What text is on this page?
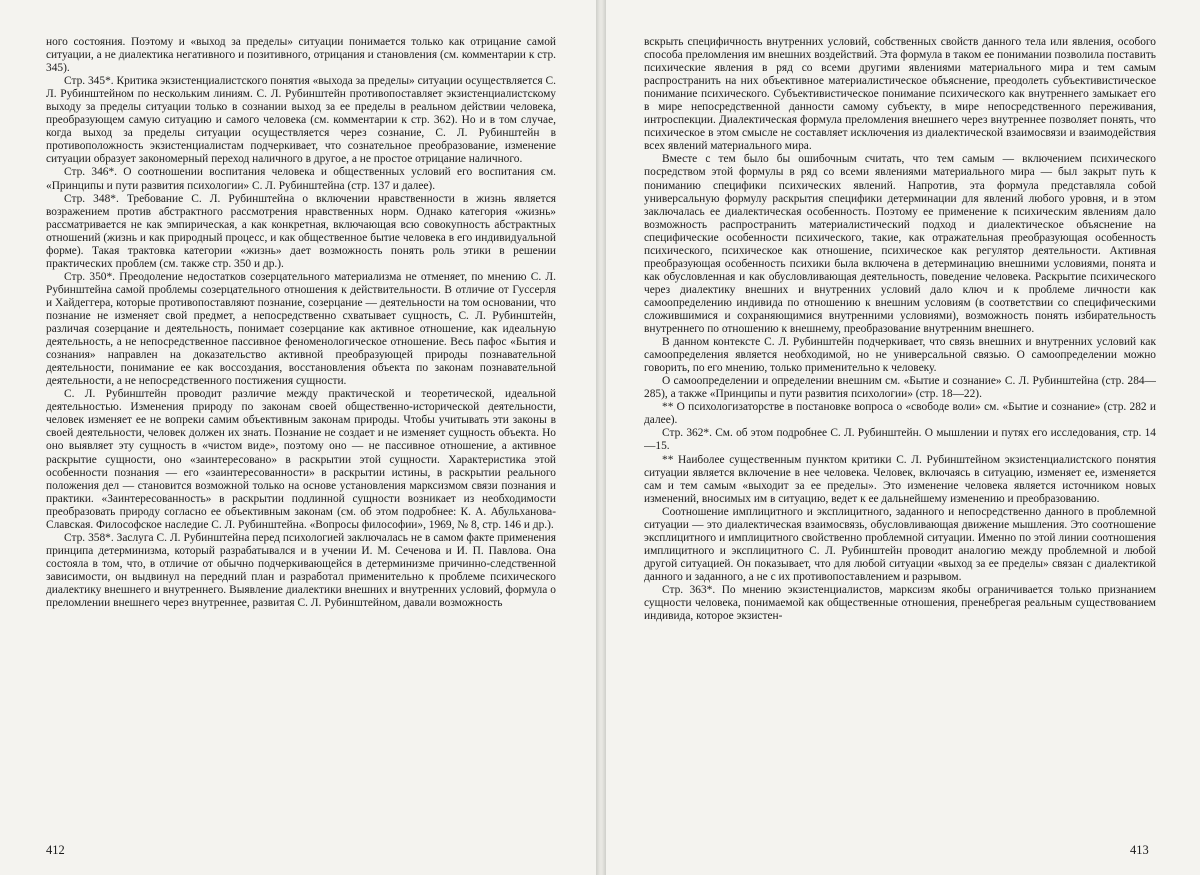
ного состояния. Поэтому и «выход за пределы» ситуации понимается только как отрицание самой ситуации, а не диалектика негативного и позитивного, отрицания и становления (см. комментарии к стр. 345).

Стр. 345*. Критика экзистенциалистского понятия «выхода за пределы» ситуации осуществляется С. Л. Рубинштейном по нескольким линиям. С. Л. Рубинштейн противопоставляет экзистенциалистскому выходу за пределы ситуации только в сознании выход за ее пределы в реальном действии человека, преобразующем самую ситуацию и самого человека (см. комментарии к стр. 362). Но и в том случае, когда выход за пределы ситуации осуществляется через сознание, С. Л. Рубинштейн в противоположность экзистенциалистам подчеркивает, что сознательное преобразование, изменение ситуации образует закономерный переход наличного в другое, а не простое отрицание наличного.

Стр. 346*. О соотношении воспитания человека и общественных условий его воспитания см. «Принципы и пути развития психологии» С. Л. Рубинштейна (стр. 137 и далее).

Стр. 348*. Требование С. Л. Рубинштейна о включении нравственности в жизнь является возражением против абстрактного рассмотрения нравственных норм. Однако категория «жизнь» рассматривается не как эмпирическая, а как конкретная, включающая всю совокупность абстрактных отношений (жизнь и как природный процесс, и как общественное бытие человека в его индивидуальной форме). Такая трактовка категории «жизнь» дает возможность понять роль этики в решении практических проблем (см. также стр. 350 и др.).

Стр. 350*. Преодоление недостатков созерцательного материализма не отменяет, по мнению С. Л. Рубинштейна самой проблемы созерцательного отношения к действительности. В отличие от Гуссерля и Хайдеггера, которые противопоставляют познание, созерцание — деятельности на том основании, что познание не изменяет свой предмет, а непосредственно схватывает сущность, С. Л. Рубинштейн, различая созерцание и деятельность, понимает созерцание как активное отношение, как идеальную деятельность, а не непосредственное пассивное феноменологическое отношение. Весь пафос «Бытия и сознания» направлен на доказательство активной преобразующей природы познавательной деятельности, понимание ее как воссоздания, восстановления объекта по законам познавательной деятельности, а не непосредственного постижения сущности.

С. Л. Рубинштейн проводит различие между практической и теоретической, идеальной деятельностью. Изменения природу по законам своей общественно-исторической деятельности, человек изменяет ее не вопреки самим объективным законам природы. Чтобы учитывать эти законы в своей деятельности, человек должен их знать. Познание не создает и не изменяет сущность объекта. Но оно выявляет эту сущность в «чистом виде», поэтому оно — не пассивное отношение, а активное раскрытие сущности, оно «заинтересовано» в раскрытии этой сущности. Характеристика этой особенности познания — его «заинтересованности» в раскрытии истины, в раскрытии реального положения дел — становится возможной только на основе установления марксизмом связи познания и практики. «Заинтересованность» в раскрытии подлинной сущности возникает из необходимости преобразовать природу согласно ее объективным законам (см. об этом подробнее: К. А. Абульханова-Славская. Философское наследие С. Л. Рубинштейна. «Вопросы философии», 1969, № 8, стр. 146 и др.).

Стр. 358*. Заслуга С. Л. Рубинштейна перед психологией заключалась не в самом факте применения принципа детерминизма, который разрабатывался и в учении И. М. Сеченова и И. П. Павлова. Она состояла в том, что, в отличие от обычно подчеркивающейся в детерминизме причинно-следственной зависимости, он выдвинул на передний план и разработал применительно к проблеме психического диалектику внешнего и внутреннего. Выявление диалектики внешних и внутренних условий, формула о преломлении внешнего через внутреннее, развитая С. Л. Рубинштейном, давали возможность

412

вскрыть специфичность внутренних условий, собственных свойств данного тела или явления, особого способа преломления им внешних воздействий. Эта формула в таком ее понимании позволила поставить психические явления в ряд со всеми другими явлениями материального мира и тем самым распространить на них объективное материалистическое объяснение, преодолеть субъективистическое понимание психического. Субъективистическое понимание психического как внутреннего замыкает его в мире непосредственной данности самому субъекту, в мире непосредственного переживания, интроспекции. Диалектическая формула преломления внешнего через внутреннее позволяет понять, что психическое в этом смысле не составляет исключения из диалектической взаимосвязи и взаимодействия всех явлений материального мира.

Вместе с тем было бы ошибочным считать, что тем самым — включением психического посредством этой формулы в ряд со всеми явлениями материального мира — был закрыт путь к пониманию специфики психических явлений. Напротив, эта формула представляла собой универсальную формулу раскрытия специфики детерминации для явлений любого уровня, и в этом заключалась ее диалектическая особенность. Поэтому ее применение к психическим явлениям дало возможность распространить материалистический подход и диалектическое объяснение на специфические особенности психического, такие, как отражательная преобразующая особенность психического, психическое как отношение, психическое как регулятор деятельности. Активная преобразующая особенность психики была включена в детерминацию внешними условиями, понята и как обусловленная и как обусловливающая деятельность, поведение человека. Раскрытие психического через диалектику внешних и внутренних условий дало ключ и к проблеме личности как самоопределению индивида по отношению к внешним условиям (в соответствии со специфическими сложившимися и сохраняющимися внутренними условиями), возможность понять избирательность внутреннего по отношению к внешнему, преобразование внутренним внешнего.

В данном контексте С. Л. Рубинштейн подчеркивает, что связь внешних и внутренних условий как самоопределения является необходимой, но не универсальной связью. О самоопределении можно говорить, по его мнению, только применительно к человеку.

О самоопределении и определении внешним см. «Бытие и сознание» С. Л. Рубинштейна (стр. 284—285), а также «Принципы и пути развития психологии» (стр. 18—22).

** О психологизаторстве в постановке вопроса о «свободе воли» см. «Бытие и сознание» (стр. 282 и далее).

Стр. 362*. См. об этом подробнее С. Л. Рубинштейн. О мышлении и путях его исследования, стр. 14—15.

** Наиболее существенным пунктом критики С. Л. Рубинштейном экзистенциалистского понятия ситуации является включение в нее человека. Человек, включаясь в ситуацию, изменяет ее, изменяется сам и тем самым «выходит за ее пределы». Это изменение человека является источником новых изменений, вносимых им в ситуацию, ведет к ее дальнейшему изменению и преобразованию.

Соотношение имплицитного и эксплицитного, заданного и непосредственно данного в проблемной ситуации — это диалектическая взаимосвязь, обусловливающая движение мышления. Это соотношение эксплицитного и имплицитного свойственно проблемной ситуации. Именно по этой линии соотношения имплицитного и эксплицитного С. Л. Рубинштейн проводит аналогию между проблемной и любой другой ситуацией. Он показывает, что для любой ситуации «выход за ее пределы» связан с диалектикой данного и заданного, а не с их противопоставлением и разрывом.

Стр. 363*. По мнению экзистенциалистов, марксизм якобы ограничивается только признанием сущности человека, понимаемой как общественные отношения, пренебрегая реальным существованием индивида, которое экзистен-

413
